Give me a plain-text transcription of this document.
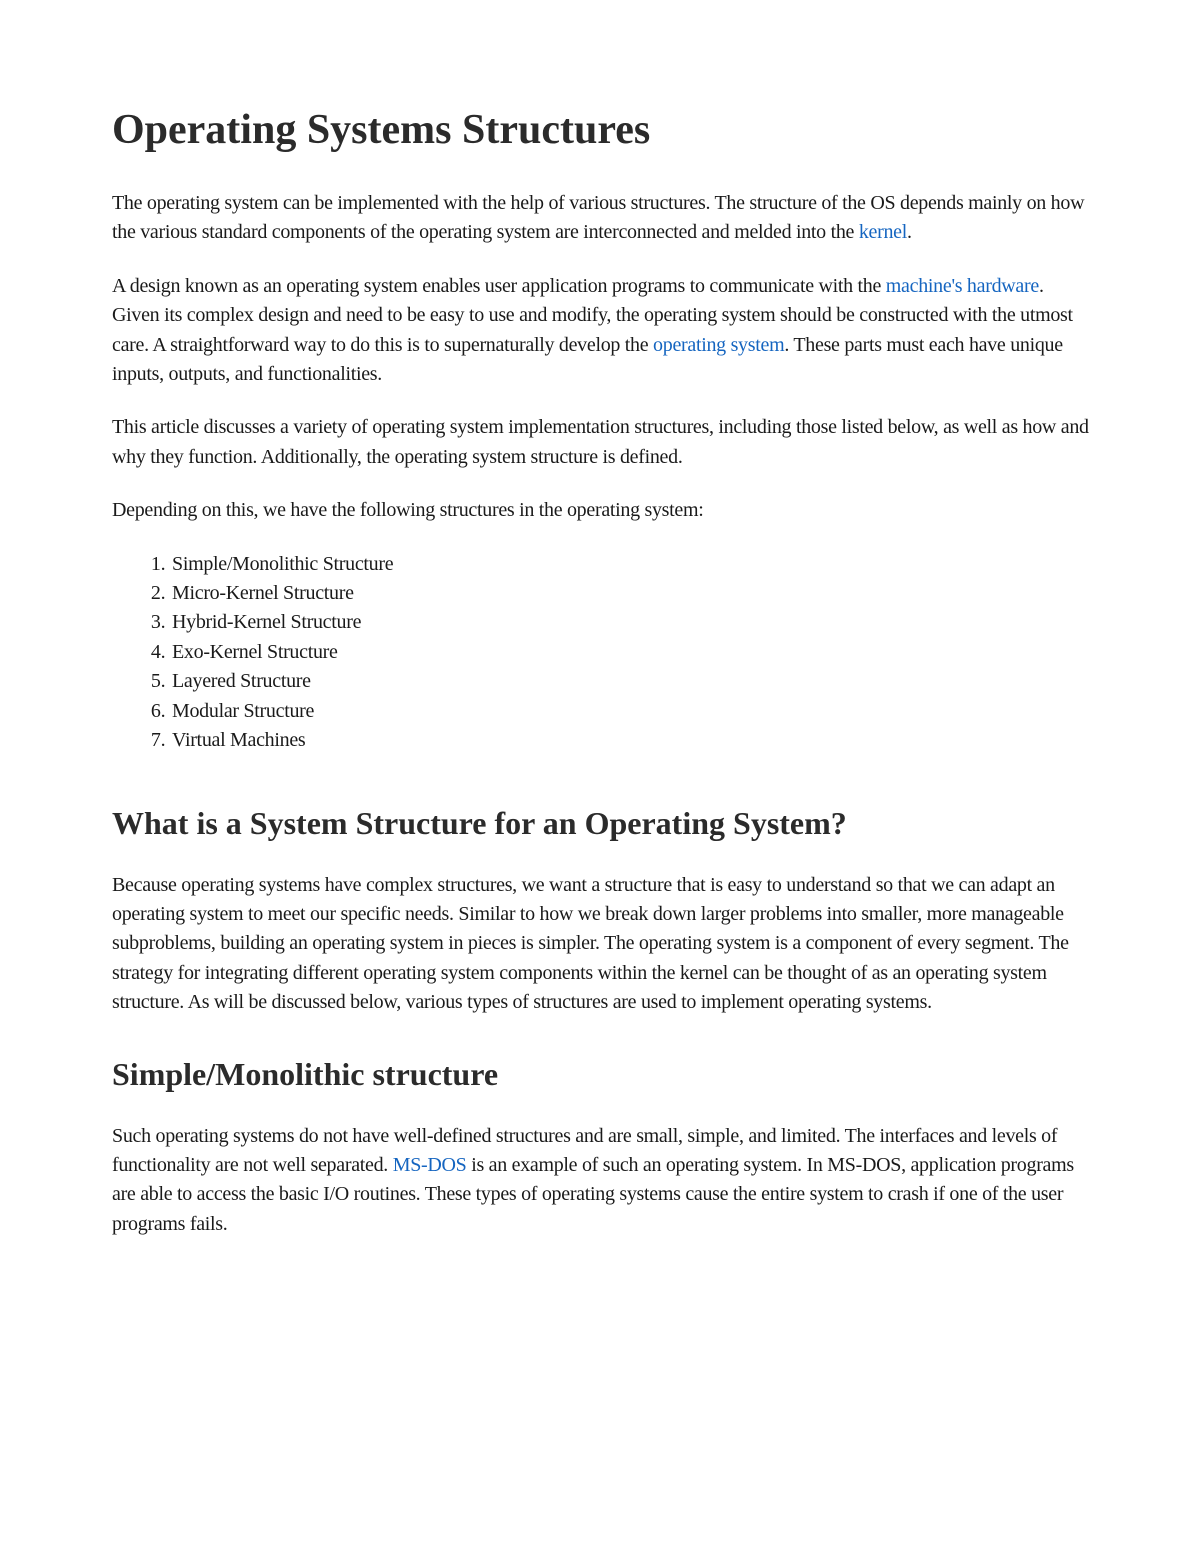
Operating Systems Structures

The operating system can be implemented with the help of various structures. The structure of the OS depends mainly on how the various standard components of the operating system are interconnected and melded into the kernel.

A design known as an operating system enables user application programs to communicate with the machine's hardware. Given its complex design and need to be easy to use and modify, the operating system should be constructed with the utmost care. A straightforward way to do this is to supernaturally develop the operating system. These parts must each have unique inputs, outputs, and functionalities.

This article discusses a variety of operating system implementation structures, including those listed below, as well as how and why they function. Additionally, the operating system structure is defined.

Depending on this, we have the following structures in the operating system:

1. Simple/Monolithic Structure
2. Micro-Kernel Structure
3. Hybrid-Kernel Structure
4. Exo-Kernel Structure
5. Layered Structure
6. Modular Structure
7. Virtual Machines
What is a System Structure for an Operating System?

Because operating systems have complex structures, we want a structure that is easy to understand so that we can adapt an operating system to meet our specific needs. Similar to how we break down larger problems into smaller, more manageable subproblems, building an operating system in pieces is simpler. The operating system is a component of every segment. The strategy for integrating different operating system components within the kernel can be thought of as an operating system structure. As will be discussed below, various types of structures are used to implement operating systems.

Simple/Monolithic structure

Such operating systems do not have well-defined structures and are small, simple, and limited. The interfaces and levels of functionality are not well separated. MS-DOS is an example of such an operating system. In MS-DOS, application programs are able to access the basic I/O routines. These types of operating systems cause the entire system to crash if one of the user programs fails.
